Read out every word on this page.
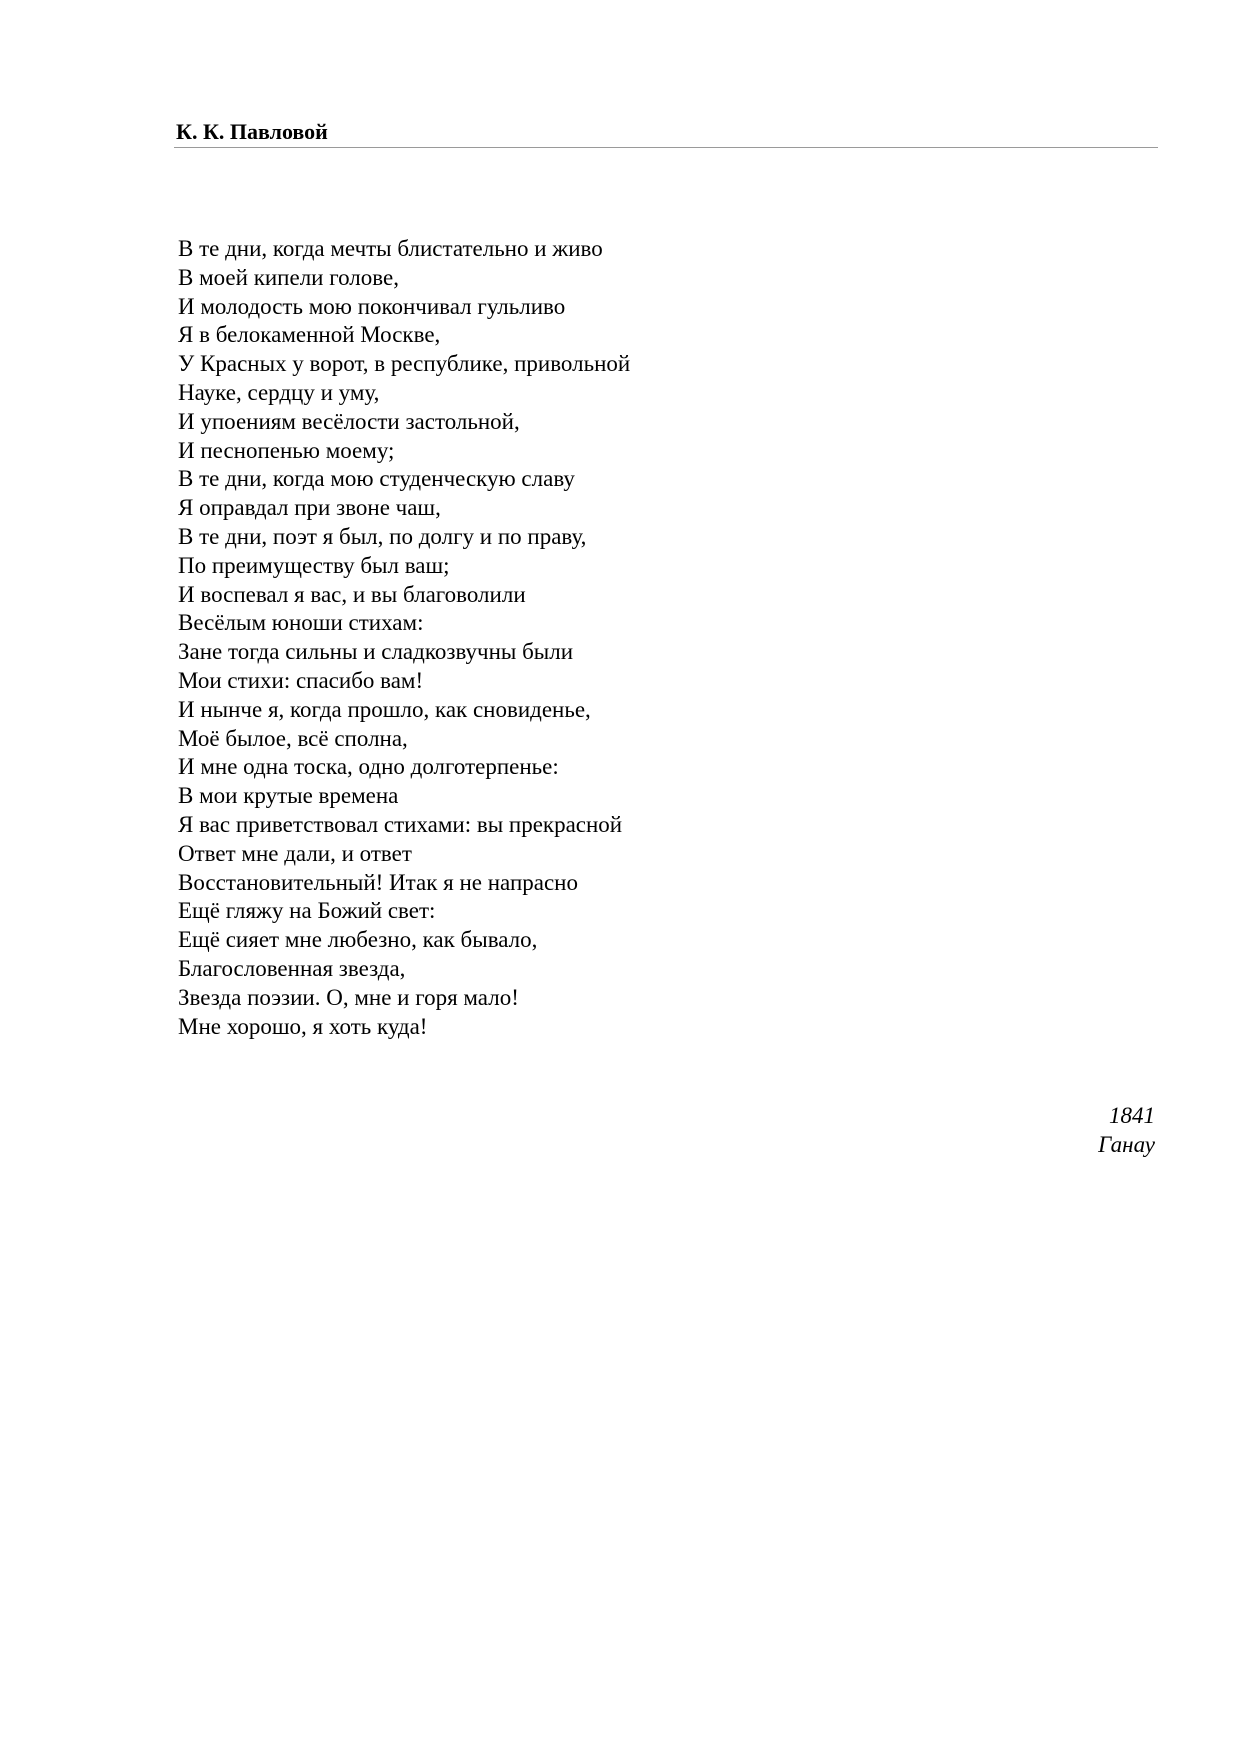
К. К. Павловой
В те дни, когда мечты блистательно и живо
В моей кипели голове,
И молодость мою покончивал гульливо
Я в белокаменной Москве,
У Красных у ворот, в республике, привольной
Науке, сердцу и уму,
И упоениям весёлости застольной,
И песнопенью моему;
В те дни, когда мою студенческую славу
Я оправдал при звоне чаш,
В те дни, поэт я был, по долгу и по праву,
По преимуществу был ваш;
И воспевал я вас, и вы благоволили
Весёлым юноши стихам:
Зане тогда сильны и сладкозвучны были
Мои стихи: спасибо вам!
И нынче я, когда прошло, как сновиденье,
Моё былое, всё сполна,
И мне одна тоска, одно долготерпенье:
В мои крутые времена
Я вас приветствовал стихами: вы прекрасной
Ответ мне дали, и ответ
Восстановительный! Итак я не напрасно
Ещё гляжу на Божий свет:
Ещё сияет мне любезно, как бывало,
Благословенная звезда,
Звезда поэзии. О, мне и горя мало!
Мне хорошо, я хоть куда!
1841
Ганау
